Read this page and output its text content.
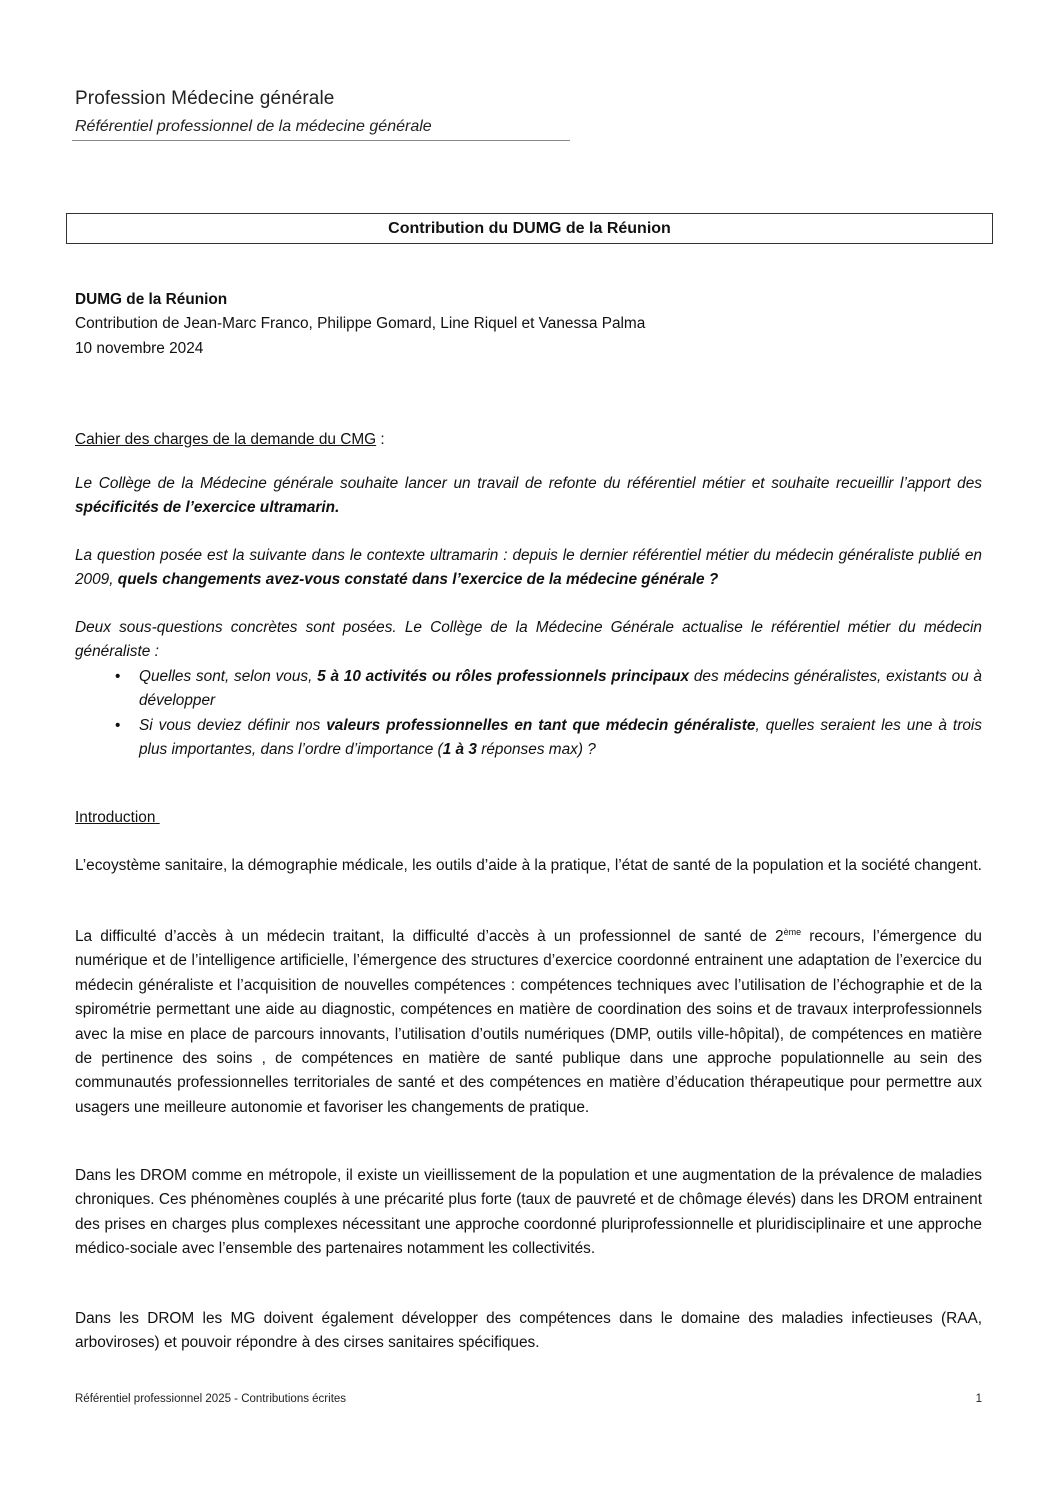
Profession Médecine générale
Référentiel professionnel de la médecine générale
Contribution du DUMG de la Réunion
DUMG de la Réunion
Contribution de Jean-Marc Franco, Philippe Gomard, Line Riquel et Vanessa Palma
10 novembre 2024
Cahier des charges de la demande du CMG :
Le Collège de la Médecine générale souhaite lancer un travail de refonte du référentiel métier et souhaite recueillir l’apport des spécificités de l’exercice ultramarin.
La question posée est la suivante dans le contexte ultramarin : depuis le dernier référentiel métier du médecin généraliste publié en 2009, quels changements avez-vous constaté dans l’exercice de la médecine générale ?
Deux sous-questions concrètes sont posées. Le Collège de la Médecine Générale actualise le référentiel métier du médecin généraliste :
• Quelles sont, selon vous, 5 à 10 activités ou rôles professionnels principaux des médecins généralistes, existants ou à développer
• Si vous deviez définir nos valeurs professionnelles en tant que médecin généraliste, quelles seraient les une à trois plus importantes, dans l’ordre d’importance (1 à 3 réponses max) ?
Introduction
L’ecoystème sanitaire, la démographie médicale, les outils d’aide à la pratique, l’état de santé de la population et la société changent.
La difficulté d’accès à un médecin traitant, la difficulté d’accès à un professionnel de santé de 2ème recours, l’émergence du numérique et de l’intelligence artificielle, l’émergence des structures d’exercice coordonné entrainent une adaptation de l’exercice du médecin généraliste et l’acquisition de nouvelles compétences : compétences techniques avec l’utilisation de l’échographie et de la spirométrie permettant une aide au diagnostic, compétences en matière de coordination des soins et de travaux interprofessionnels avec la mise en place de parcours innovants, l’utilisation d’outils numériques (DMP, outils ville-hôpital), de compétences en matière de pertinence des soins , de compétences en matière de santé publique dans une approche populationnelle au sein des communautés professionnelles territoriales de santé et des compétences en matière d’éducation thérapeutique pour permettre aux usagers une meilleure autonomie et favoriser les changements de pratique.
Dans les DROM comme en métropole, il existe un vieillissement de la population et une augmentation de la prévalence de maladies chroniques. Ces phénomènes couplés à une précarité plus forte (taux de pauvreté et de chômage élevés) dans les DROM entrainent des prises en charges plus complexes nécessitant une approche coordonné pluriprofessionnelle et pluridisciplinaire et une approche médico-sociale avec l’ensemble des partenaires notamment les collectivités.
Dans les DROM les MG doivent également développer des compétences dans le domaine des maladies infectieuses (RAA, arboviroses) et pouvoir répondre à des cirses sanitaires spécifiques.
Référentiel professionnel 2025 - Contributions écrites	1
